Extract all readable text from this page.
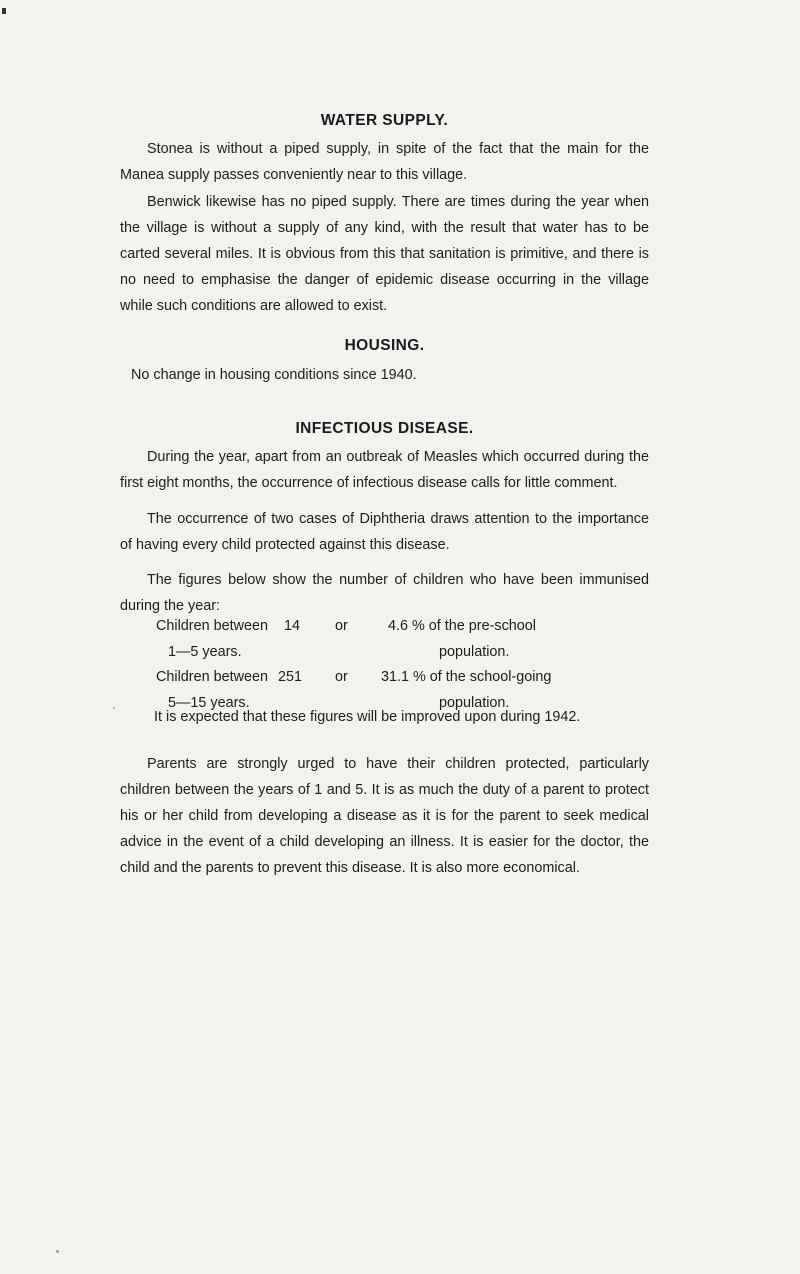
WATER SUPPLY.

Stonea is without a piped supply, in spite of the fact that the main for the Manea supply passes conveniently near to this village.

Benwick likewise has no piped supply. There are times during the year when the village is without a supply of any kind, with the result that water has to be carted several miles. It is obvious from this that sanitation is primitive, and there is no need to emphasise the danger of epidemic disease occurring in the village while such conditions are allowed to exist.

HOUSING.

No change in housing conditions since 1940.

INFECTIOUS DISEASE.

During the year, apart from an outbreak of Measles which occurred during the first eight months, the occurrence of infectious disease calls for little comment.

The occurrence of two cases of Diphtheria draws attention to the importance of having every child protected against this disease.

The figures below show the number of children who have been immunised during the year:

Children between
1—5 years.
14 or	4.6 % of the pre-school
population.
Children between
5—15 years.
251 or 31.1 % of the school-going
population.

It is expected that these figures will be improved upon during 1942.

Parents are strongly urged to have their children protected, particularly children between the years of 1 and 5. It is as much the duty of a parent to protect his or her child from developing a disease as it is for the parent to seek medical advice in the event of a child developing an illness. It is easier for the doctor, the child and the parents to prevent this disease. It is also more economical.
